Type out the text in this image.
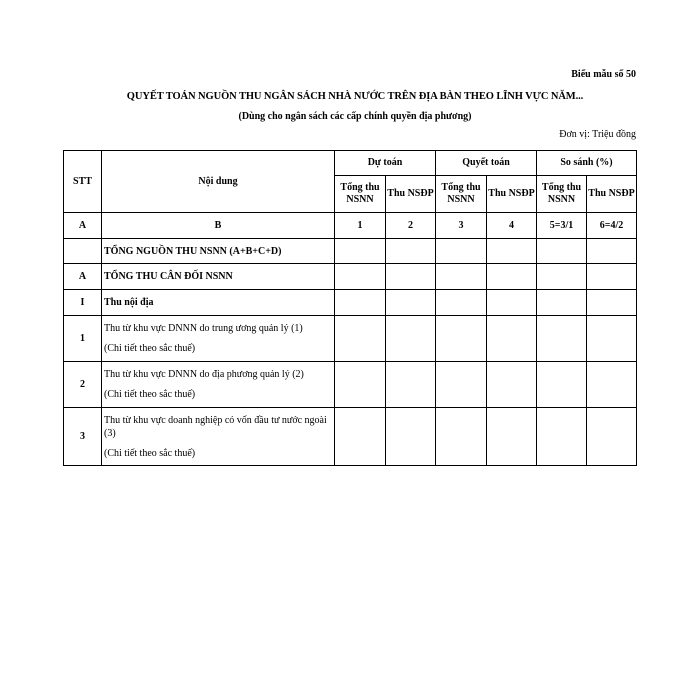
Biểu mẫu số 50
QUYẾT TOÁN NGUỒN THU NGÂN SÁCH NHÀ NƯỚC TRÊN ĐỊA BÀN THEO LĨNH VỰC NĂM...
(Dùng cho ngân sách các cấp chính quyền địa phương)
Đơn vị: Triệu đồng
STT	Nội dung	Dự toán		Quyết toán		So sánh (%)	
		Tổng thu NSNN	Thu NSĐP	Tổng thu NSNN	Thu NSĐP	Tổng thu NSNN	Thu NSĐP
A	B	1	2	3	4	5=3/1	6=4/2
	TỔNG NGUỒN THU NSNN (A+B+C+D)						
A	TỔNG THU CÂN ĐỐI NSNN						
I	Thu nội địa						
1	Thu từ khu vực DNNN do trung ương quản lý (1)
(Chi tiết theo sắc thuế)						

2	Thu từ khu vực DNNN do địa phương quản lý (2)
(Chi tiết theo sắc thuế)						

3	Thu từ khu vực doanh nghiệp có vốn đầu tư nước ngoài (3)
(Chi tiết theo sắc thuế)						
